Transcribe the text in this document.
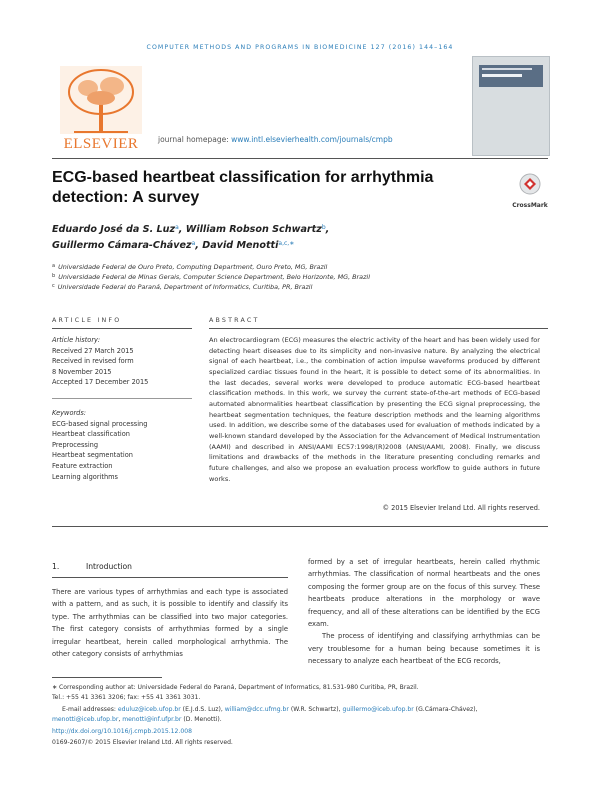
COMPUTER METHODS AND PROGRAMS IN BIOMEDICINE 127 (2016) 144–164
ELSEVIER	journal homepage: www.intl.elsevierhealth.com/journals/cmpb
ECG-based heartbeat classification for arrhythmia
detection: A survey	CrossMark
Eduardo José da S. Luz$^a$, William Robson Schwartz$^b$,
Guillermo Cámara-Chávez$^a$, David Menotti$^{a,c,∗}$
$^a$ Universidade Federal de Ouro Preto, Computing Department, Ouro Preto, MG, Brazil
$^b$ Universidade Federal de Minas Gerais, Computer Science Department, Belo Horizonte, MG, Brazil
$^c$ Universidade Federal do Paraná, Department of Informatics, Curitiba, PR, Brazil
ARTICLE INFO	ABSTRACT
Article history:
Received 27 March 2015
Received in revised form
8 November 2015
Accepted 17 December 2015
Keywords:
ECG-based signal processing
Heartbeat classification
Preprocessing
Heartbeat segmentation
Feature extraction
Learning algorithms
An electrocardiogram (ECG) measures the electric activity of the heart and has been widely used for detecting heart diseases due to its simplicity and non-invasive nature. By analyzing the electrical signal of each heartbeat, i.e., the combination of action impulse waveforms produced by different specialized cardiac tissues found in the heart, it is possible to detect some of its abnormalities. In the last decades, several works were developed to produce automatic ECG-based heartbeat classification methods. In this work, we survey the current state-of-the-art methods of ECG-based automated abnormalities heartbeat classification by presenting the ECG signal preprocessing, the heartbeat segmentation techniques, the feature description methods and the learning algorithms used. In addition, we describe some of the databases used for evaluation of methods indicated by a well-known standard developed by the Association for the Advancement of Medical Instrumentation (AAMI) and described in ANSI/AAMI EC57:1998/(R)2008 (ANSI/AAMI, 2008). Finally, we discuss limitations and drawbacks of the methods in the literature presenting concluding remarks and future challenges, and also we propose an evaluation process workflow to guide authors in future works.
© 2015 Elsevier Ireland Ltd. All rights reserved.
1.	Introduction
There are various types of arrhythmias and each type is associated with a pattern, and as such, it is possible to identify and classify its type. The arrhythmias can be classified into two major categories. The first category consists of arrhythmias formed by a single irregular heartbeat, herein called morphological arrhythmia. The other category consists of arrhythmias
formed by a set of irregular heartbeats, herein called rhythmic arrhythmias. The classification of normal heartbeats and the ones composing the former group are on the focus of this survey. These heartbeats produce alterations in the morphology or wave frequency, and all of these alterations can be identified by the ECG exam.
The process of identifying and classifying arrhythmias can be very troublesome for a human being because sometimes it is necessary to analyze each heartbeat of the ECG records,
∗ Corresponding author at: Universidade Federal do Paraná, Department of Informatics, 81.531-980 Curitiba, PR, Brazil.
Tel.: +55 41 3361 3206; fax: +55 41 3361 3031.
E-mail addresses: eduluz@iceb.ufop.br (E.J.d.S. Luz), william@dcc.ufmg.br (W.R. Schwartz), guillermo@iceb.ufop.br (G.Cámara-Chávez),
menotti@iceb.ufop.br, menotti@inf.ufpr.br (D. Menotti).
http://dx.doi.org/10.1016/j.cmpb.2015.12.008
0169-2607/© 2015 Elsevier Ireland Ltd. All rights reserved.
